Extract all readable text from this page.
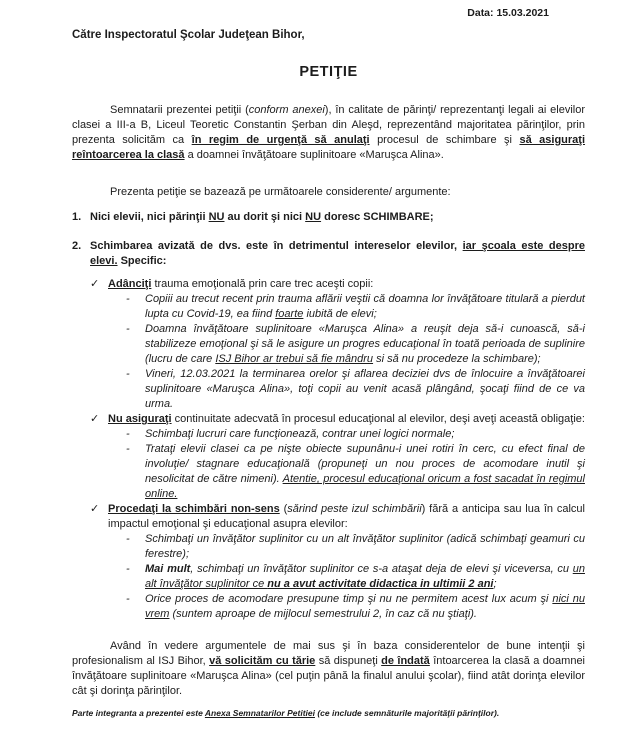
Data: 15.03.2021
Către Inspectoratul Şcolar Judeţean Bihor,
PETIŢIE
Semnatarii prezentei petiţii (conform anexei), în calitate de părinţi/ reprezentanţi legali ai elevilor clasei a III-a B, Liceul Teoretic Constantin Şerban din Aleşd, reprezentând majoritatea părinţilor, prin prezenta solicităm ca în regim de urgenţă să anulaţi procesul de schimbare şi să asiguraţi reîntoarcerea la clasă a doamnei învăţătoare suplinitoare «Maruşca Alina».
Prezenta petiţie se bazează pe următoarele considerente/ argumente:
1. Nici elevii, nici părinţii NU au dorit şi nici NU doresc SCHIMBARE;
2. Schimbarea avizată de dvs. este în detrimentul intereselor elevilor, iar şcoala este despre elevi. Specific:
✓ Adânciţi trauma emoţională prin care trec aceşti copii:
-	Copiii au trecut recent prin trauma aflării veştii că doamna lor învăţătoare titulară a pierdut lupta cu Covid-19, ea fiind foarte iubită de elevi;
-	Doamna învăţătoare suplinitoare «Maruşca Alina» a reuşit deja să-i cunoască, să-i stabilizeze emoţional şi să le asigure un progres educaţional în toată perioada de suplinire (lucru de care ISJ Bihor ar trebui să fie mândru si să nu procedeze la schimbare);
-	Vineri, 12.03.2021 la terminarea orelor şi aflarea deciziei dvs de înlocuire a învăţătoarei suplinitoare «Maruşca Alina», toţi copii au venit acasă plângând, şocaţi fiind de ce va urma.
✓ Nu asiguraţi continuitate adecvată în procesul educaţional al elevilor, deşi aveţi această obligaţie:
-	Schimbaţi lucruri care funcţionează, contrar unei logici normale;
-	Trataţi elevii clasei ca pe nişte obiecte supunânu-i unei rotiri în cerc, cu efect final de involuţie/ stagnare educaţională (propuneţi un nou proces de acomodare inutil şi nesolicitat de către nimeni). Atentie, procesul educaţional oricum a fost sacadat în regimul online.
✓ Procedaţi la schimbări non-sens (sărind peste izul schimbării) fără a anticipa sau lua în calcul impactul emoţional şi educaţional asupra elevilor:
-	Schimbaţi un învăţător suplinitor cu un alt învăţător suplinitor (adică schimbaţi geamuri cu ferestre);
-	Mai mult, schimbaţi un învăţător suplinitor ce s-a ataşat deja de elevi şi viceversa, cu un alt învăţător suplinitor ce nu a avut activitate didactica in ultimii 2 ani;
-	Orice proces de acomodare presupune timp şi nu ne permitem acest lux acum şi nici nu vrem (suntem aproape de mijlocul semestrului 2, în caz că nu ştiaţi).
Având în vedere argumentele de mai sus şi în baza considerentelor de bune intenţii şi profesionalism al ISJ Bihor, vă solicităm cu tărie să dispuneţi de îndată întoarcerea la clasă a doamnei învăţătoare suplinitoare «Maruşca Alina» (cel puţin până la finalul anului şcolar), fiind atât dorinţa elevilor cât şi dorinţa părinţilor.
Parte integranta a prezentei este Anexa Semnatarilor Petitiei (ce include semnăturile majorităţii părinţilor).
